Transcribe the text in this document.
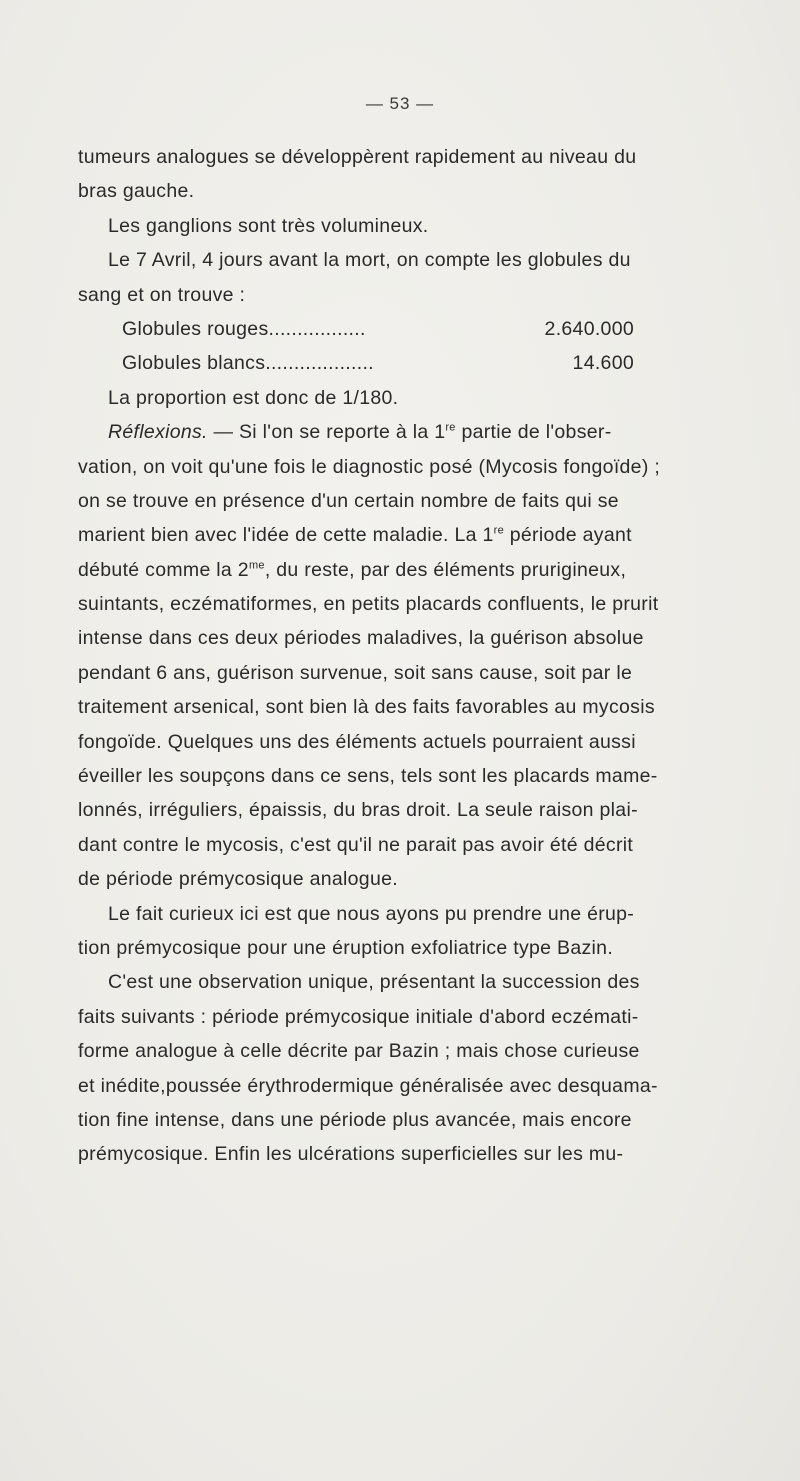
— 53 —
tumeurs analogues se développèrent rapidement au niveau du
bras gauche.
Les ganglions sont très volumineux.
Le 7 Avril, 4 jours avant la mort, on compte les globules du
sang et on trouve :
Globules rouges.................	2.640.000
Globules blancs...................	14.600
La proportion est donc de 1/180.
Réflexions. — Si l'on se reporte à la 1re partie de l'obser-
vation, on voit qu'une fois le diagnostic posé (Mycosis fongoïde) ;
on se trouve en présence d'un certain nombre de faits qui se
marient bien avec l'idée de cette maladie. La 1re période ayant
débuté comme la $2^{me}$, du reste, par des éléments prurigineux,
suintants, eczématiformes, en petits placards confluents, le prurit
intense dans ces deux périodes maladives, la guérison absolue
pendant 6 ans, guérison survenue, soit sans cause, soit par le
traitement arsenical, sont bien là des faits favorables au mycosis
fongoïde. Quelques uns des éléments actuels pourraient aussi
éveiller les soupçons dans ce sens, tels sont les placards mame-
lonnés, irréguliers, épaissis, du bras droit. La seule raison plai-
dant contre le mycosis, c'est qu'il ne parait pas avoir été décrit
de période prémycosique analogue.
Le fait curieux ici est que nous ayons pu prendre une érup-
tion prémycosique pour une éruption exfoliatrice type Bazin.
C'est une observation unique, présentant la succession des
faits suivants : période prémycosique initiale d'abord eczémati-
forme analogue à celle décrite par Bazin ; mais chose curieuse
et inédite,poussée érythrodermique généralisée avec desquama-
tion fine intense, dans une période plus avancée, mais encore
prémycosique. Enfin les ulcérations superficielles sur les mu-
